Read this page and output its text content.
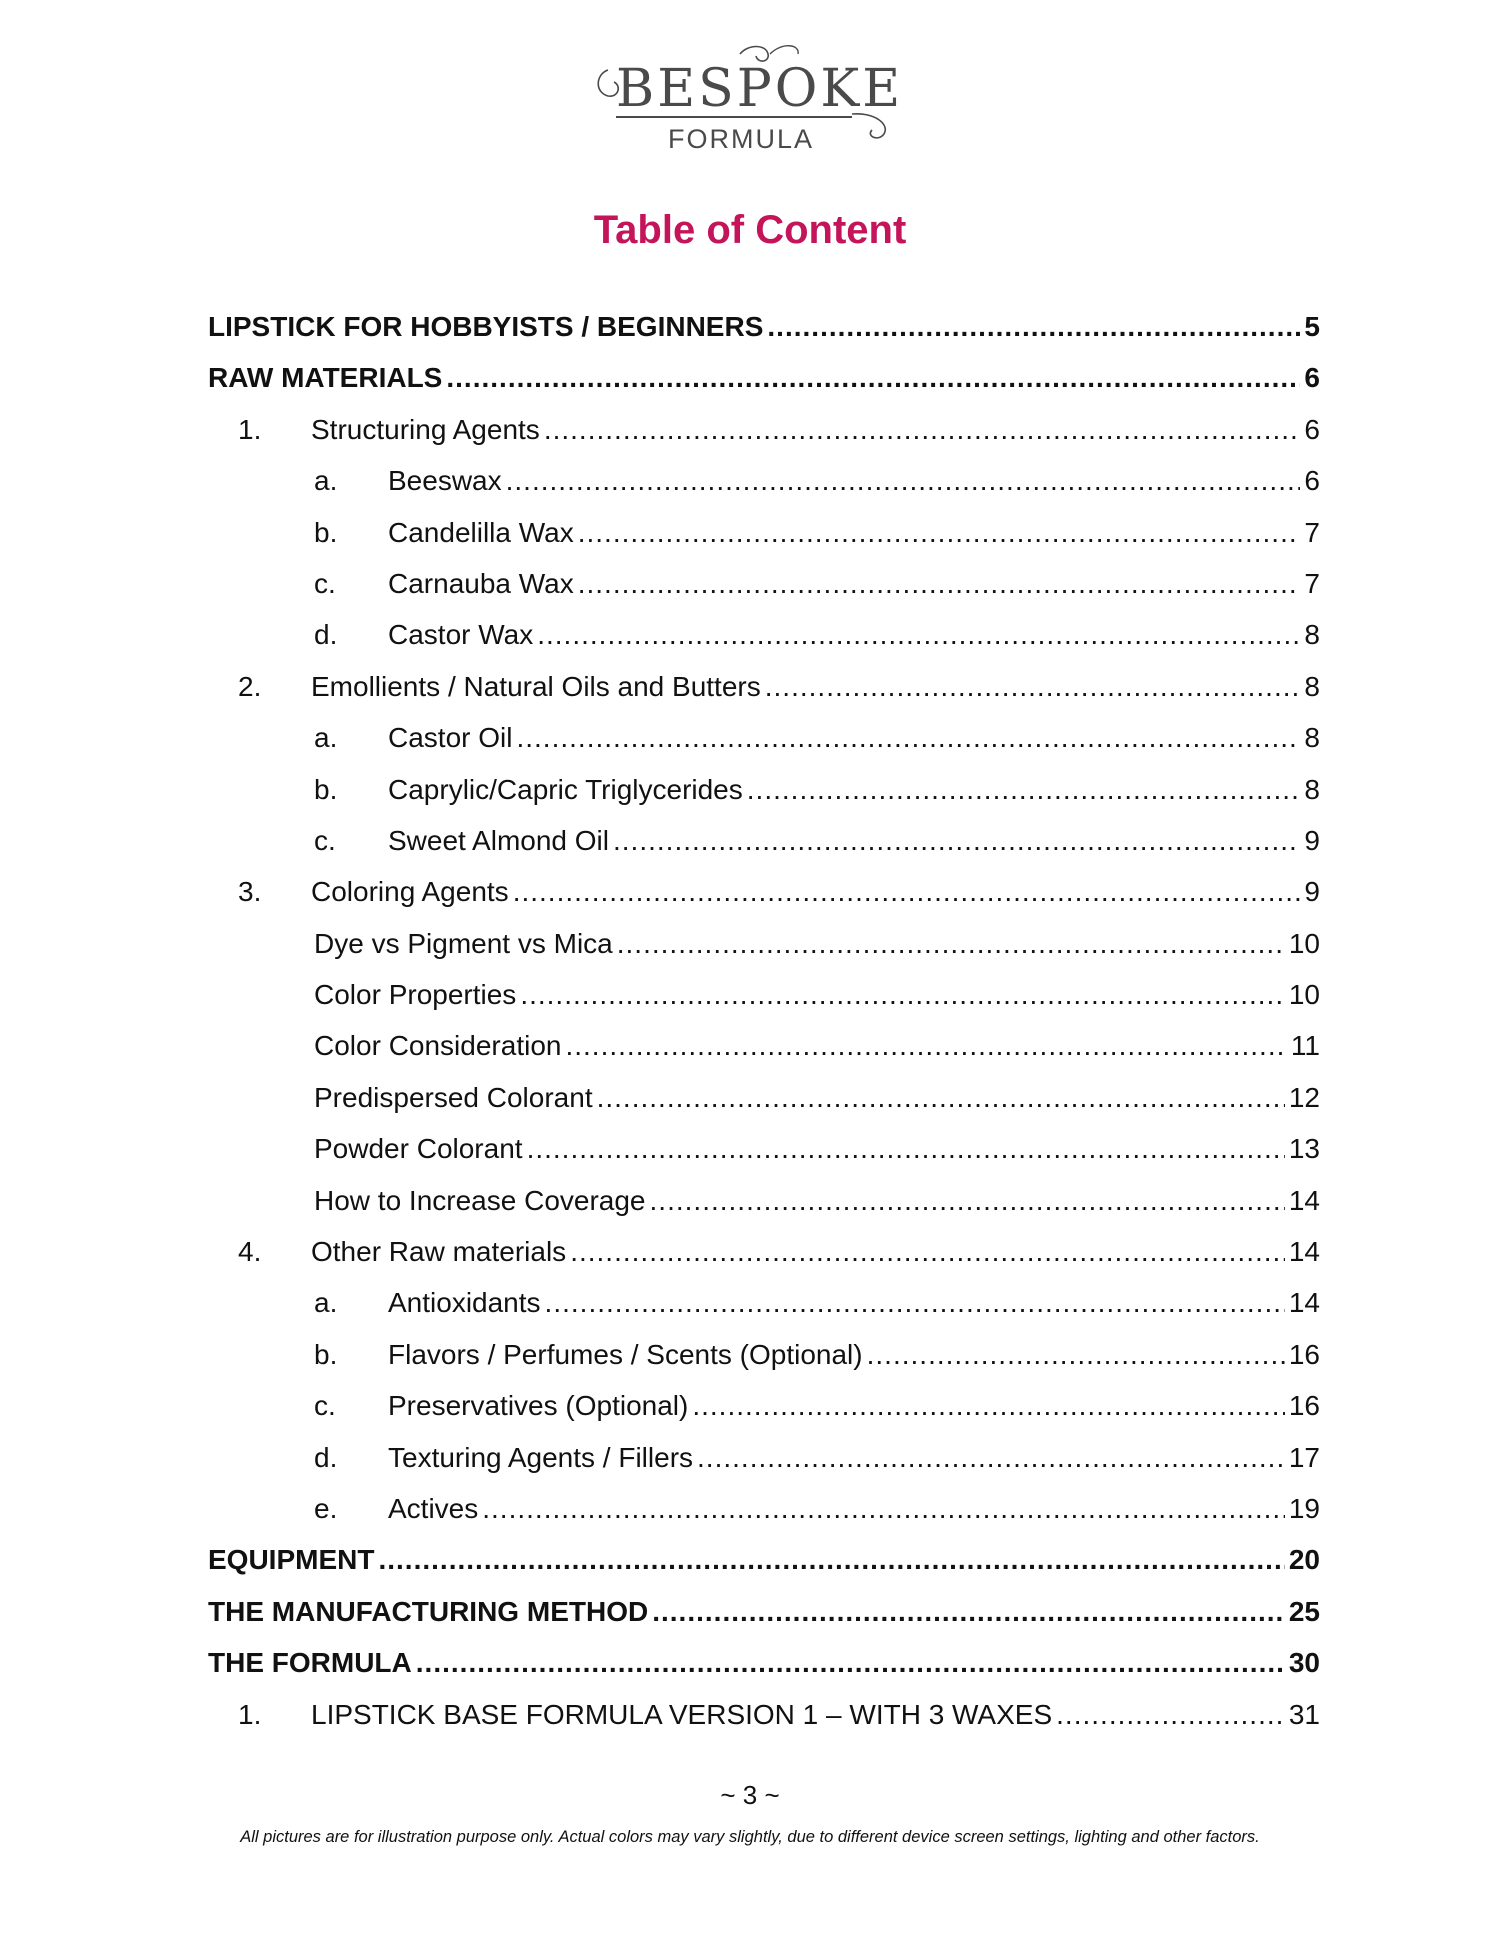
BESPOKE
FORMULA
Table of Content
LIPSTICK FOR HOBBYISTS / BEGINNERS .....	5
RAW MATERIALS .....	6
1.	Structuring Agents .....	6
a.	Beeswax .....	6
b.	Candelilla Wax .....	7
c.	Carnauba Wax .....	7
d.	Castor Wax .....	8
2.	Emollients / Natural Oils and Butters .....	8
a.	Castor Oil .....	8
b.	Caprylic/Capric Triglycerides .....	8
c.	Sweet Almond Oil .....	9
3.	Coloring Agents .....	9
Dye vs Pigment vs Mica .....	10
Color Properties .....	10
Color Consideration .....	11
Predispersed Colorant .....	12
Powder Colorant .....	13
How to Increase Coverage .....	14
4.	Other Raw materials .....	14
a.	Antioxidants .....	14
b.	Flavors / Perfumes / Scents (Optional) .....	16
c.	Preservatives (Optional) .....	16
d.	Texturing Agents / Fillers .....	17
e.	Actives .....	19
EQUIPMENT .....	20
THE MANUFACTURING METHOD .....	25
THE FORMULA .....	30
1.	LIPSTICK BASE FORMULA VERSION 1 – WITH 3 WAXES .....	31
~ 3 ~
All pictures are for illustration purpose only. Actual colors may vary slightly, due to different device screen settings, lighting and other factors.
